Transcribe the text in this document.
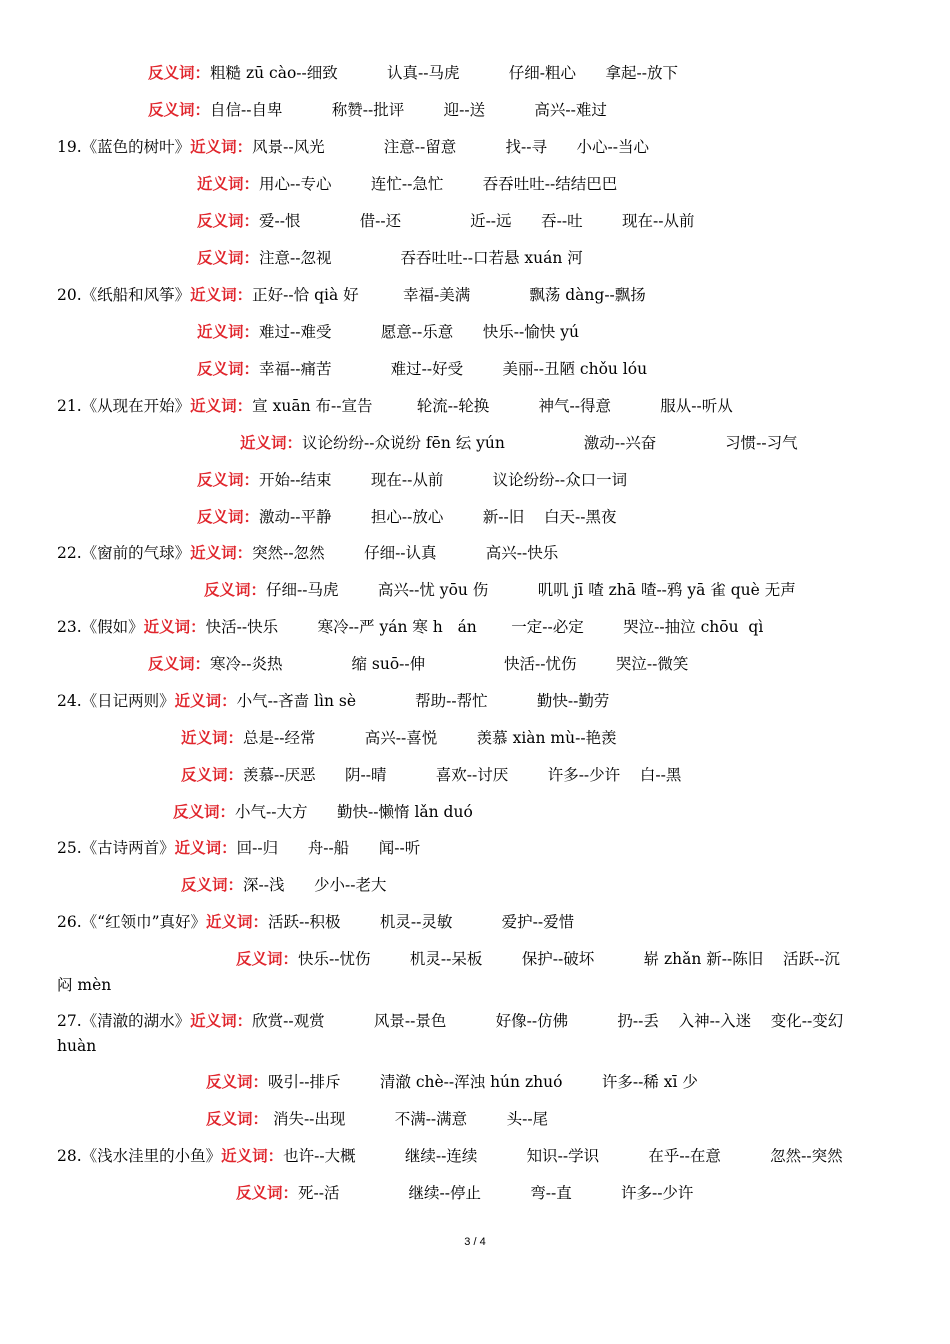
反义词：粗糙 zū cào--细致          认真--马虎          仔细-粗心      拿起--放下
反义词：自信--自卑          称赞--批评        迎--送          高兴--难过
19.《蓝色的树叶》近义词：风景--风光            注意--留意          找--寻      小心--当心
近义词：用心--专心        连忙--急忙        吞吞吐吐--结结巴巴
反义词：爱--恨            借--还              近--远      吞--吐        现在--从前
反义词：注意--忽视              吞吞吐吐--口若悬 xuán 河
20.《纸船和风筝》近义词：正好--恰 qià 好         幸福-美满            飘荡 dàng--飘扬
近义词：难过--难受          愿意--乐意      快乐--愉快 yú
反义词：幸福--痛苦            难过--好受        美丽--丑陋 chǒu lóu
21.《从现在开始》近义词：宣 xuān 布--宣告         轮流--轮换          神气--得意          服从--听从
近义词：议论纷纷--众说纷 fēn 纭 yún                激动--兴奋              习惯--习气
反义词：开始--结束        现在--从前          议论纷纷--众口一词
反义词：激动--平静        担心--放心        新--旧    白天--黑夜
22.《窗前的气球》近义词：突然--忽然        仔细--认真          高兴--快乐
反义词：仔细--马虎        高兴--忧 yōu 伤          叽叽 jī 喳 zhā 喳--鸦 yā 雀 què 无声
23.《假如》近义词：快活--快乐        寒冷--严 yán 寒 h   án       一定--必定        哭泣--抽泣 chōu  qì
反义词：寒冷--炎热              缩 suō--伸                快活--忧伤        哭泣--微笑
24.《日记两则》近义词：小气--吝啬 lìn sè            帮助--帮忙          勤快--勤劳
近义词：总是--经常          高兴--喜悦        羡慕 xiàn mù--艳羡
反义词：羡慕--厌恶      阴--晴          喜欢--讨厌        许多--少许    白--黑
反义词：小气--大方      勤快--懒惰 lǎn duó
25.《古诗两首》近义词：回--归      舟--船      闻--听
反义词：深--浅      少小--老大
26.《“红领巾”真好》近义词：活跃--积极        机灵--灵敏          爱护--爱惜
反义词：快乐--忧伤        机灵--呆板        保护--破坏          崭 zhǎn 新--陈旧    活跃--沉
闷 mèn
27.《清澈的湖水》近义词：欣赏--观赏          风景--景色          好像--仿佛          扔--丢    入神--入迷    变化--变幻
huàn
反义词：吸引--排斥        清澈 chè--浑浊 hún zhuó        许多--稀 xī 少
反义词： 消失--出现          不满--满意        头--尾
28.《浅水洼里的小鱼》近义词：也许--大概          继续--连续          知识--学识          在乎--在意          忽然--突然
反义词：死--活              继续--停止          弯--直          许多--少许
3 / 4
